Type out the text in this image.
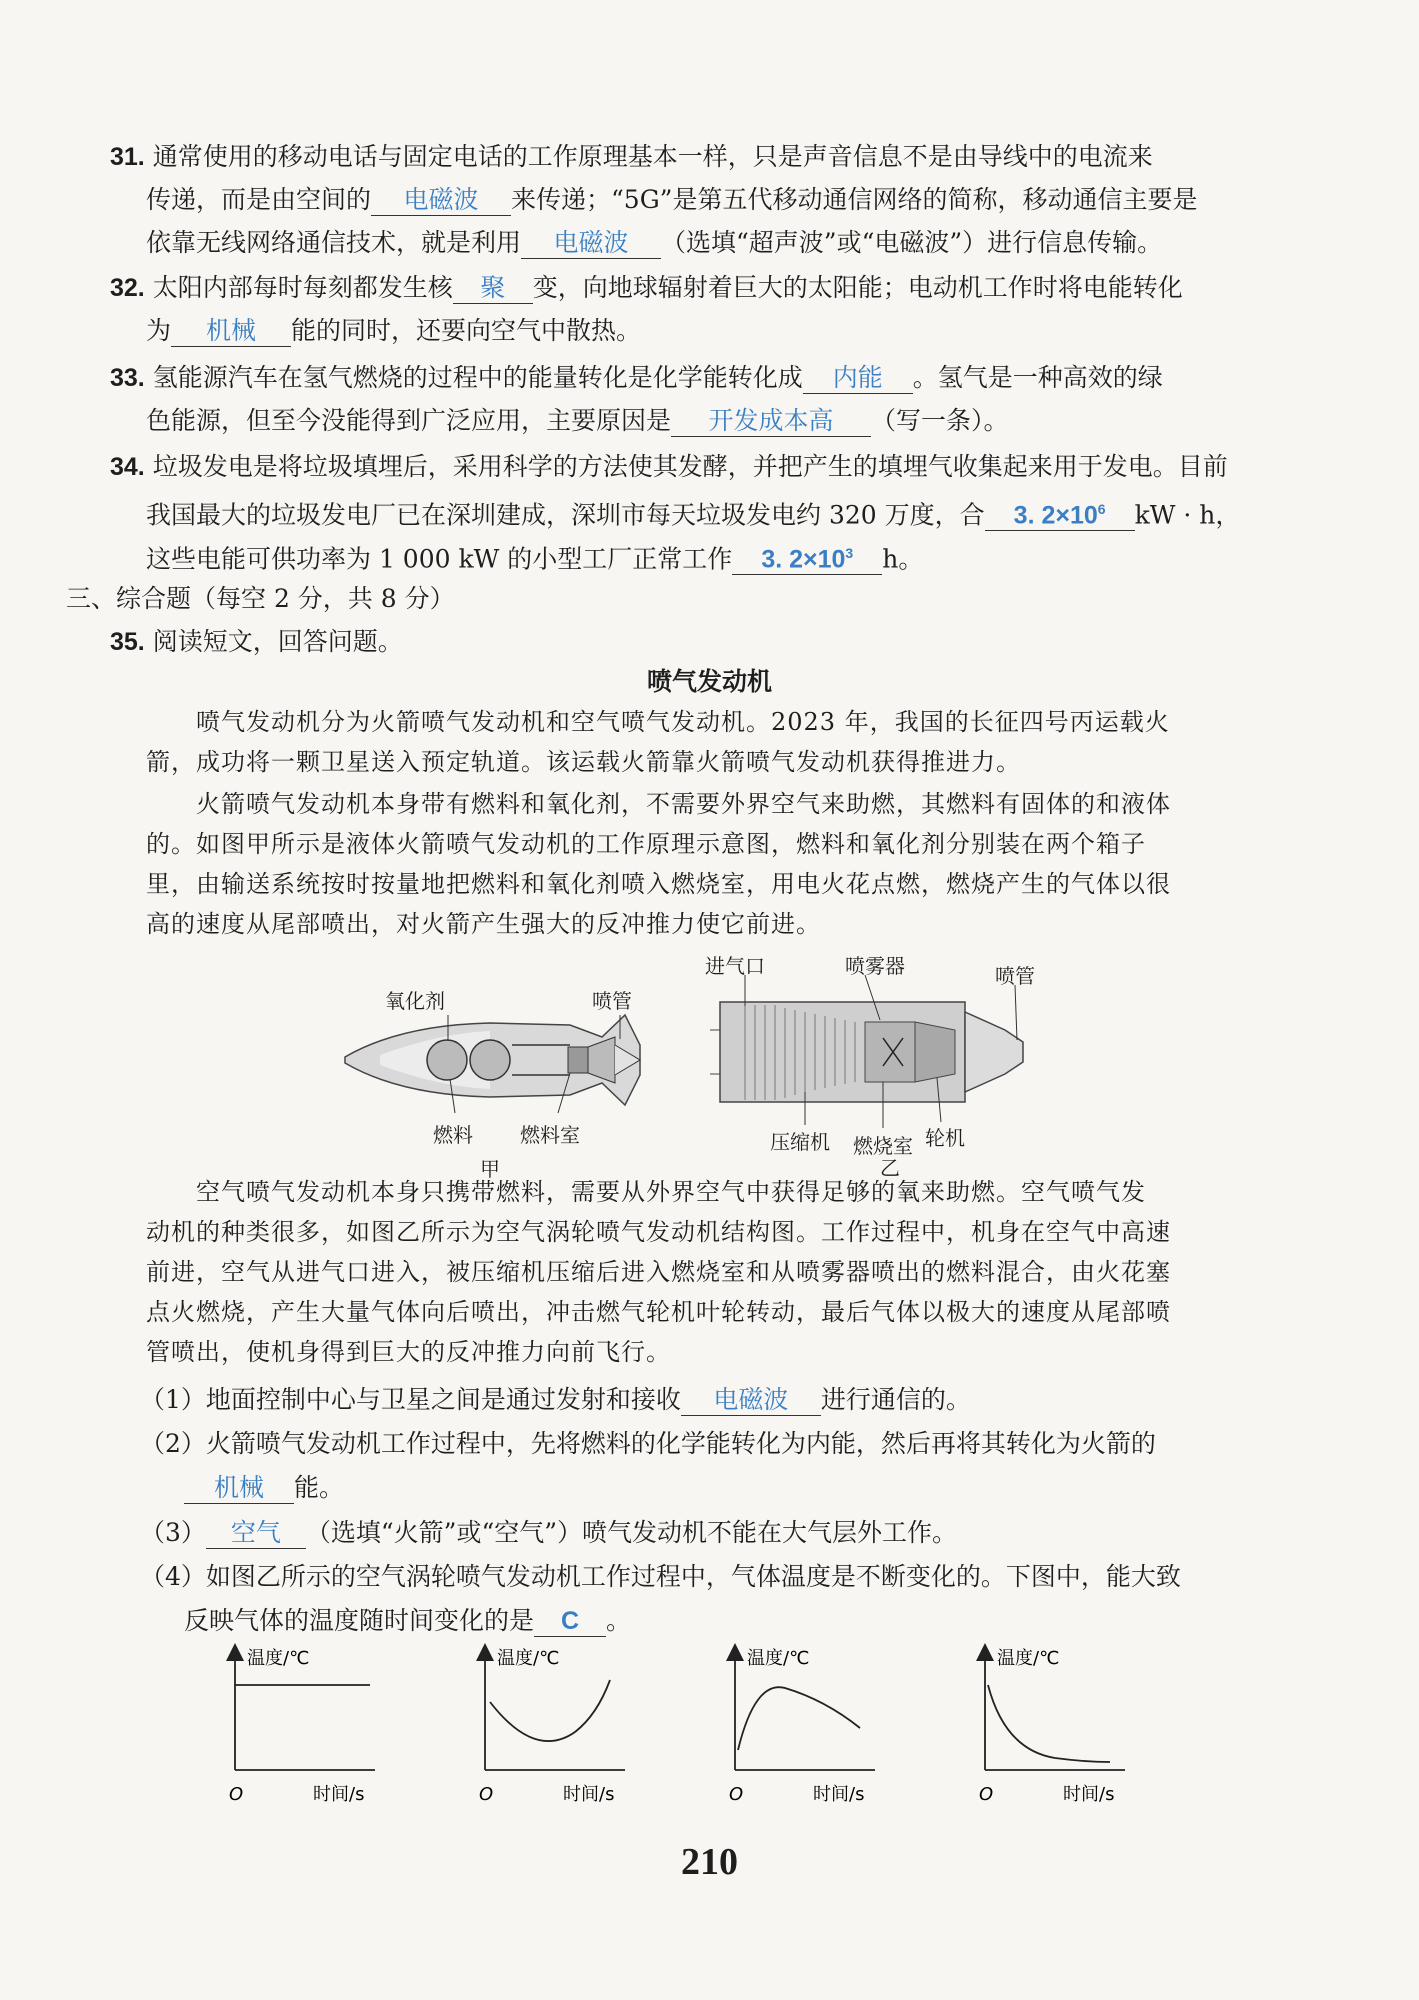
31. 通常使用的移动电话与固定电话的工作原理基本一样，只是声音信息不是由导线中的电流来
传递，而是由空间的 电磁波 来传递；“5G”是第五代移动通信网络的简称，移动通信主要是
依靠无线网络通信技术，就是利用 电磁波 （选填“超声波”或“电磁波”）进行信息传输。
32. 太阳内部每时每刻都发生核 聚 变，向地球辐射着巨大的太阳能；电动机工作时将电能转化
为 机械 能的同时，还要向空气中散热。
33. 氢能源汽车在氢气燃烧的过程中的能量转化是化学能转化成 内能 。氢气是一种高效的绿
色能源，但至今没能得到广泛应用，主要原因是 开发成本高 （写一条）。
34. 垃圾发电是将垃圾填埋后，采用科学的方法使其发酵，并把产生的填埋气收集起来用于发电。目前
我国最大的垃圾发电厂已在深圳建成，深圳市每天垃圾发电约 320 万度，合 3. $2\times 10^6$ kW · h，
这些电能可供功率为 1 000 kW 的小型工厂正常工作 3. $2\times 10^3$ h。
三、综合题（每空 2 分，共 8 分）
35. 阅读短文，回答问题。
喷气发动机
喷气发动机分为火箭喷气发动机和空气喷气发动机。2023 年，我国的长征四号丙运载火
箭，成功将一颗卫星送入预定轨道。该运载火箭靠火箭喷气发动机获得推进力。
火箭喷气发动机本身带有燃料和氧化剂，不需要外界空气来助燃，其燃料有固体的和液体
的。如图甲所示是液体火箭喷气发动机的工作原理示意图，燃料和氧化剂分别装在两个箱子
里，由输送系统按时按量地把燃料和氧化剂喷入燃烧室，用电火花点燃，燃烧产生的气体以很
高的速度从尾部喷出，对火箭产生强大的反冲推力使它前进。
氧化剂	喷管
燃料 燃料室
甲
进气口	喷雾器	喷管
压缩机 燃烧室 轮机
乙
空气喷气发动机本身只携带燃料，需要从外界空气中获得足够的氧来助燃。空气喷气发
动机的种类很多，如图乙所示为空气涡轮喷气发动机结构图。工作过程中，机身在空气中高速
前进，空气从进气口进入，被压缩机压缩后进入燃烧室和从喷雾器喷出的燃料混合，由火花塞
点火燃烧，产生大量气体向后喷出，冲击燃气轮机叶轮转动，最后气体以极大的速度从尾部喷
管喷出，使机身得到巨大的反冲推力向前飞行。
（1）地面控制中心与卫星之间是通过发射和接收 电磁波 进行通信的。
（2）火箭喷气发动机工作过程中，先将燃料的化学能转化为内能，然后再将其转化为火箭的
机械 能。
（3） 空气 （选填“火箭”或“空气”）喷气发动机不能在大气层外工作。
（4）如图乙所示的空气涡轮喷气发动机工作过程中，气体温度是不断变化的。下图中，能大致
反映气体的温度随时间变化的是 C 。
温度/℃
O	时间/s
温度/℃
O	时间/s
温度/℃
O	时间/s
温度/℃
O	时间/s
210
